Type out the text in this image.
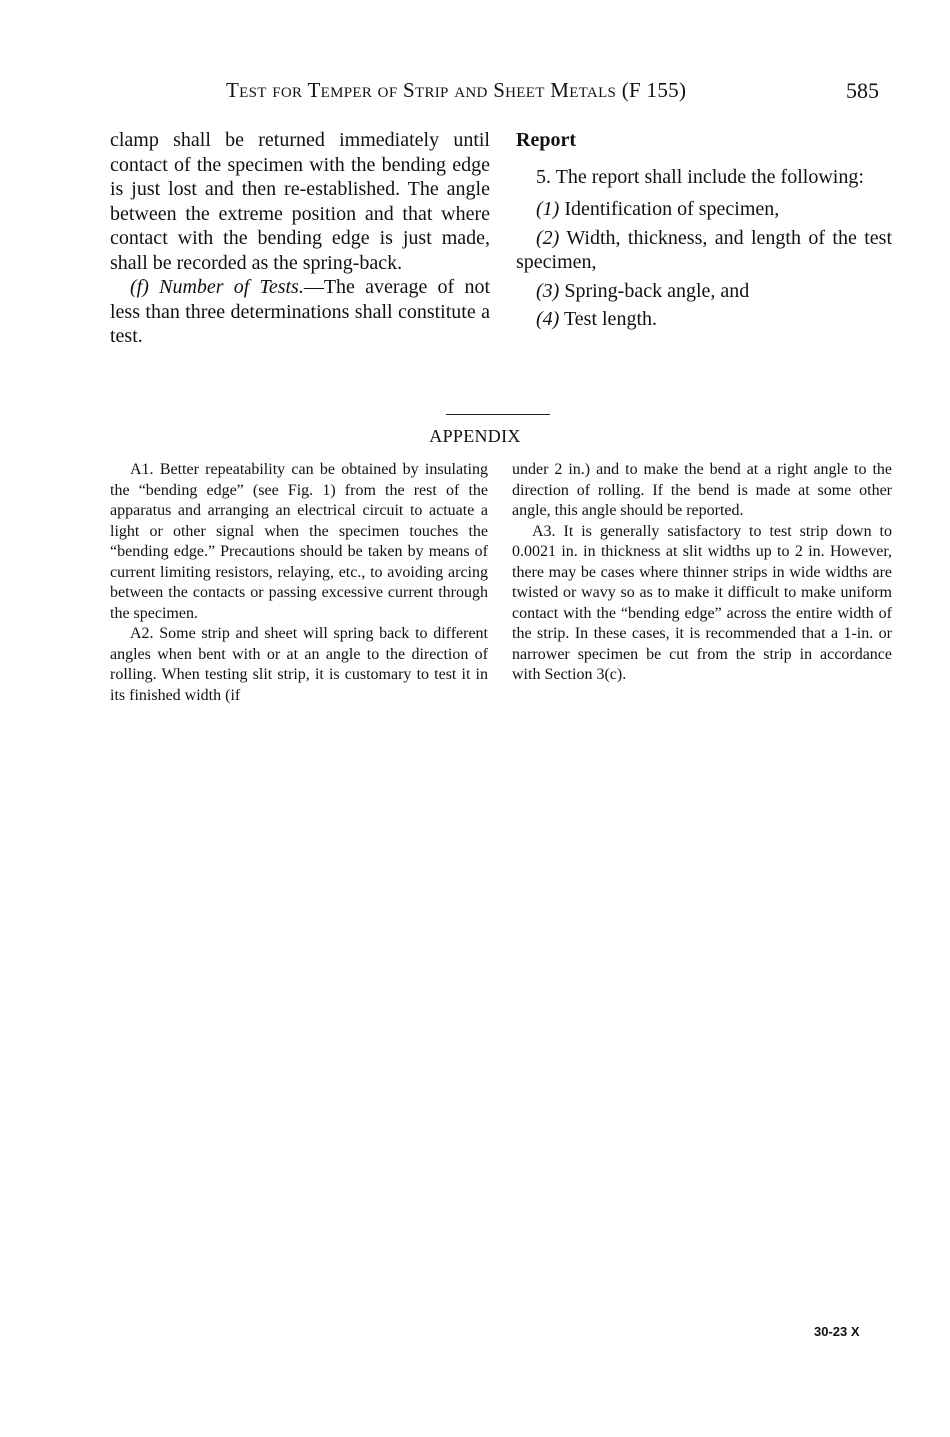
Test for Temper of Strip and Sheet Metals (F 155)	585

clamp shall be returned immediately until contact of the specimen with the bending edge is just lost and then re-established. The angle between the extreme position and that where contact with the bending edge is just made, shall be recorded as the spring-back.

(f) Number of Tests.—The average of not less than three determinations shall constitute a test.

Report

5. The report shall include the following:

(1) Identification of specimen,

(2) Width, thickness, and length of the test specimen,

(3) Spring-back angle, and

(4) Test length.

APPENDIX

A1. Better repeatability can be obtained by insulating the “bending edge” (see Fig. 1) from the rest of the apparatus and arranging an electrical circuit to actuate a light or other signal when the specimen touches the “bending edge.” Precautions should be taken by means of current limiting resistors, relaying, etc., to avoiding arcing between the contacts or passing excessive current through the specimen.

A2. Some strip and sheet will spring back to different angles when bent with or at an angle to the direction of rolling. When testing slit strip, it is customary to test it in its finished width (if

under 2 in.) and to make the bend at a right angle to the direction of rolling. If the bend is made at some other angle, this angle should be reported.

A3. It is generally satisfactory to test strip down to 0.0021 in. in thickness at slit widths up to 2 in. However, there may be cases where thinner strips in wide widths are twisted or wavy so as to make it difficult to make uniform contact with the “bending edge” across the entire width of the strip. In these cases, it is recommended that a 1-in. or narrower specimen be cut from the strip in accordance with Section 3(c).

30-23 X
